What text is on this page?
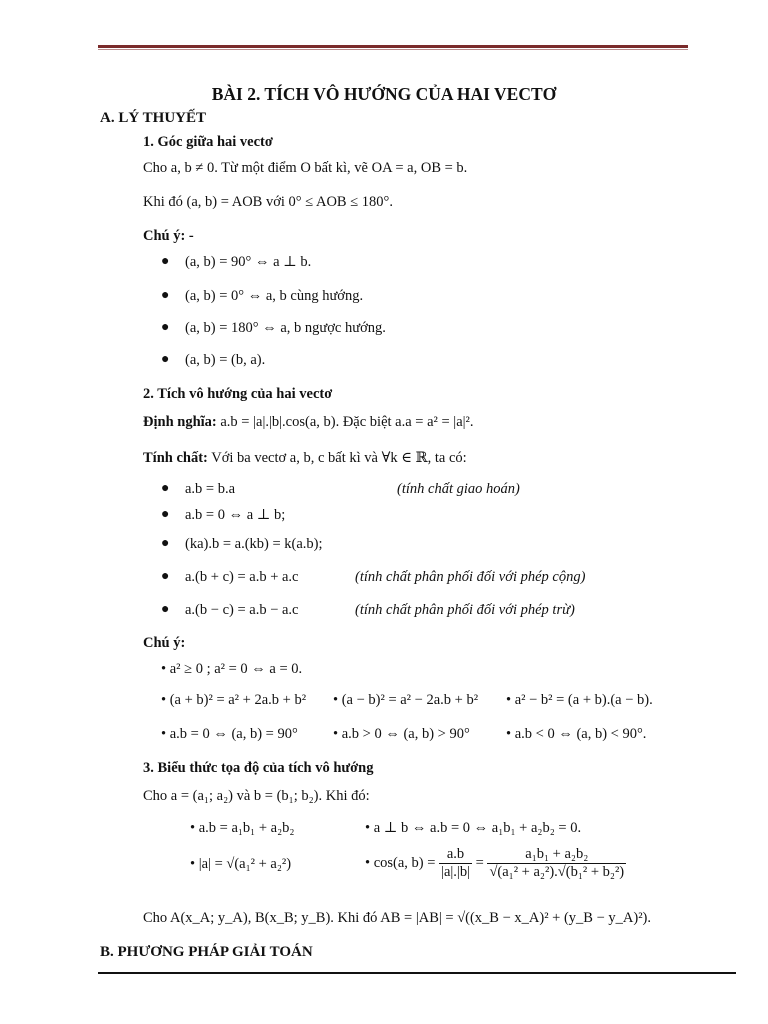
BÀI 2. TÍCH VÔ HƯỚNG CỦA HAI VECTƠ
A. LÝ THUYẾT
1. Góc giữa hai vectơ
Cho a, b ≠ 0. Từ một điểm O bất kì, vẽ OA = a, OB = b.
Khi đó (a, b) = AOB với 0° ≤ AOB ≤ 180°.
Chú ý: -
● (a, b) = 90° ⇔ a ⊥ b.
● (a, b) = 0° ⇔ a, b cùng hướng.
● (a, b) = 180° ⇔ a, b ngược hướng.
● (a, b) = (b, a).
2. Tích vô hướng của hai vectơ
Định nghĩa: a.b = |a|.|b|.cos(a, b). Đặc biệt a.a = a² = |a|².
Tính chất: Với ba vectơ a, b, c bất kì và ∀k ∈ ℝ, ta có:
● a.b = b.a	(tính chất giao hoán)
● a.b = 0 ⇔ a ⊥ b;
● (ka).b = a.(kb) = k(a.b);
● a.(b + c) = a.b + a.c	(tính chất phân phối đối với phép cộng)
● a.(b − c) = a.b − a.c	(tính chất phân phối đối với phép trừ)
Chú ý:
• a² ≥ 0 ; a² = 0 ⇔ a = 0.
• (a + b)² = a² + 2a.b + b² • (a − b)² = a² − 2a.b + b² • a² − b² = (a + b).(a − b).
• a.b = 0 ⇔ (a, b) = 90° • a.b > 0 ⇔ (a, b) > 90° • a.b < 0 ⇔ (a, b) < 90°.
3. Biểu thức tọa độ của tích vô hướng
Cho a = (a₁; a₂) và b = (b₁; b₂). Khi đó:
• a.b = a₁b₁ + a₂b₂	• a ⊥ b ⇔ a.b = 0 ⇔ a₁b₁ + a₂b₂ = 0.
• |a| = √(a₁² + a₂²)	• cos(a, $b) = \frac{a.b}{|a|.|b|} = \frac{\text{a₁b₁ + a₂b₂}}{\text{√(a₁² + a₂²).√(b₁² + b₂²)}}$
Cho A(x_A; y_A), B(x_B; y_B). Khi đó AB = |AB| = √((x_B − x_A)² + (y_B − y_A)²).
B. PHƯƠNG PHÁP GIẢI TOÁN
